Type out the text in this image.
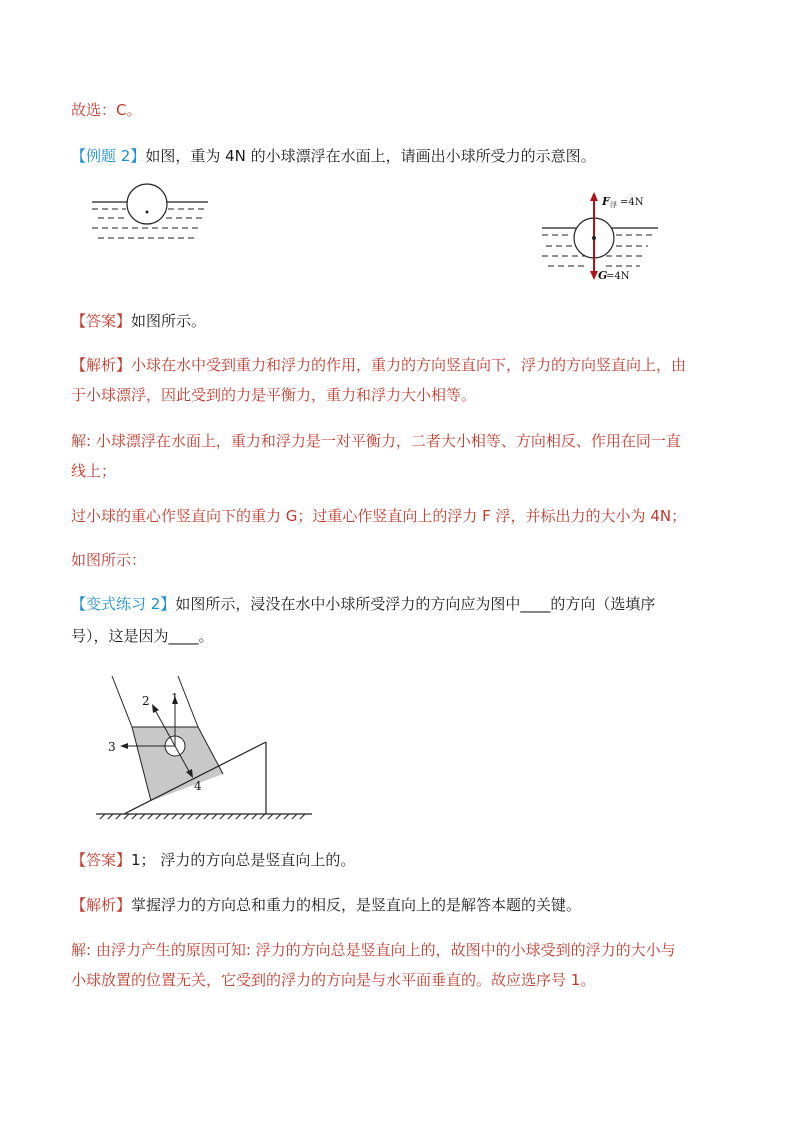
故选：C。
【例题 2】如图，重为 4N 的小球漂浮在水面上，请画出小球所受力的示意图。
F 浮 =4N
G
=4N
【答案】如图所示。
【解析】小球在水中受到重力和浮力的作用，重力的方向竖直向下，浮力的方向竖直向上，由
于小球漂浮，因此受到的力是平衡力，重力和浮力大小相等。
解: 小球漂浮在水面上，重力和浮力是一对平衡力，二者大小相等、方向相反、作用在同一直
线上；
过小球的重心作竖直向下的重力 G；过重心作竖直向上的浮力 F 浮，并标出力的大小为 4N；
如图所示：
【变式练习 2】如图所示，浸没在水中小球所受浮力的方向应为图中____的方向（选填序
号），这是因为____。
1
2
3
4
【答案】1； 浮力的方向总是竖直向上的。
【解析】掌握浮力的方向总和重力的相反，是竖直向上的是解答本题的关键。
解: 由浮力产生的原因可知: 浮力的方向总是竖直向上的，故图中的小球受到的浮力的大小与
小球放置的位置无关，它受到的浮力的方向是与水平面垂直的。故应选序号 1。
